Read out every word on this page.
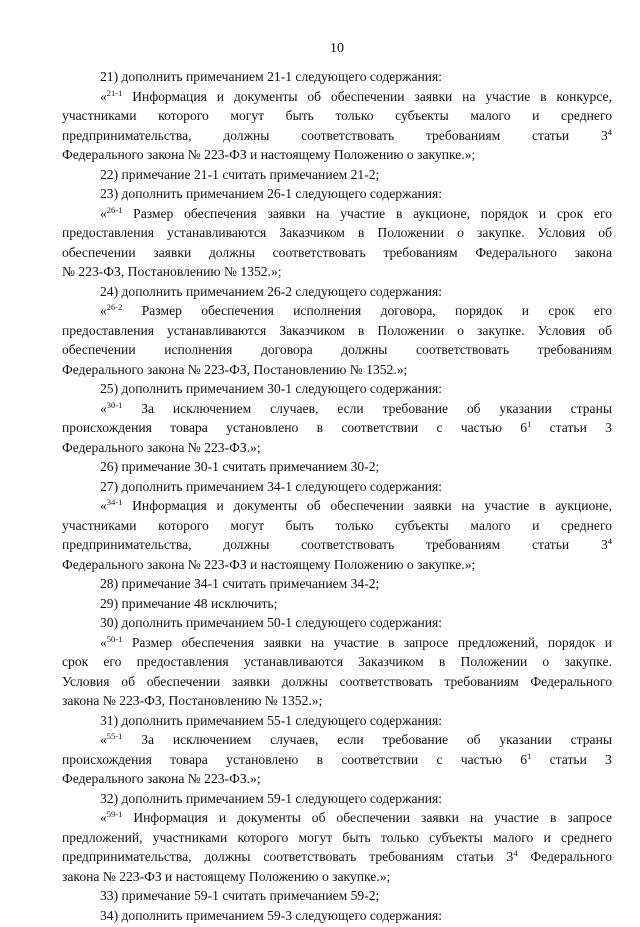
10
21) дополнить примечанием 21-1 следующего содержания:
«$^{21-1}$ Информация и документы об обеспечении заявки на участие в конкурсе,
участниками которого могут быть только субъекты малого и среднего
предпринимательства, должны соответствовать требованиям статьи $3^4$
Федерального закона № 223-ФЗ и настоящему Положению о закупке.»;
22) примечание 21-1 считать примечанием 21-2;
23) дополнить примечанием 26-1 следующего содержания:
«$^{26-1}$ Размер обеспечения заявки на участие в аукционе, порядок и срок его
предоставления устанавливаются Заказчиком в Положении о закупке. Условия об
обеспечении заявки должны соответствовать требованиям Федерального закона
№ 223-ФЗ, Постановлению № 1352.»;
24) дополнить примечанием 26-2 следующего содержания:
«$^{26-2}$ Размер обеспечения исполнения договора, порядок и срок его
предоставления устанавливаются Заказчиком в Положении о закупке. Условия об
обеспечении исполнения договора должны соответствовать требованиям
Федерального закона № 223-ФЗ, Постановлению № 1352.»;
25) дополнить примечанием 30-1 следующего содержания:
«$^{30-1}$ За исключением случаев, если требование об указании страны
происхождения товара установлено в соответствии с частью $6^1$ статьи 3
Федерального закона № 223-ФЗ.»;
26) примечание 30-1 считать примечанием 30-2;
27) дополнить примечанием 34-1 следующего содержания:
«$^{34-1}$ Информация и документы об обеспечении заявки на участие в аукционе,
участниками которого могут быть только субъекты малого и среднего
предпринимательства, должны соответствовать требованиям статьи $3^4$
Федерального закона № 223-ФЗ и настоящему Положению о закупке.»;
28) примечание 34-1 считать примечанием 34-2;
29) примечание 48 исключить;
30) дополнить примечанием 50-1 следующего содержания:
«$^{50-1}$ Размер обеспечения заявки на участие в запросе предложений, порядок и
срок его предоставления устанавливаются Заказчиком в Положении о закупке.
Условия об обеспечении заявки должны соответствовать требованиям Федерального
закона № 223-ФЗ, Постановлению № 1352.»;
31) дополнить примечанием 55-1 следующего содержания:
«$^{55-1}$ За исключением случаев, если требование об указании страны
происхождения товара установлено в соответствии с частью $6^1$ статьи 3
Федерального закона № 223-ФЗ.»;
32) дополнить примечанием 59-1 следующего содержания:
«$^{59-1}$ Информация и документы об обеспечении заявки на участие в запросе
предложений, участниками которого могут быть только субъекты малого и среднего
предпринимательства, должны соответствовать требованиям статьи $3^4$ Федерального
закона № 223-ФЗ и настоящему Положению о закупке.»;
33) примечание 59-1 считать примечанием 59-2;
34) дополнить примечанием 59-3 следующего содержания:
